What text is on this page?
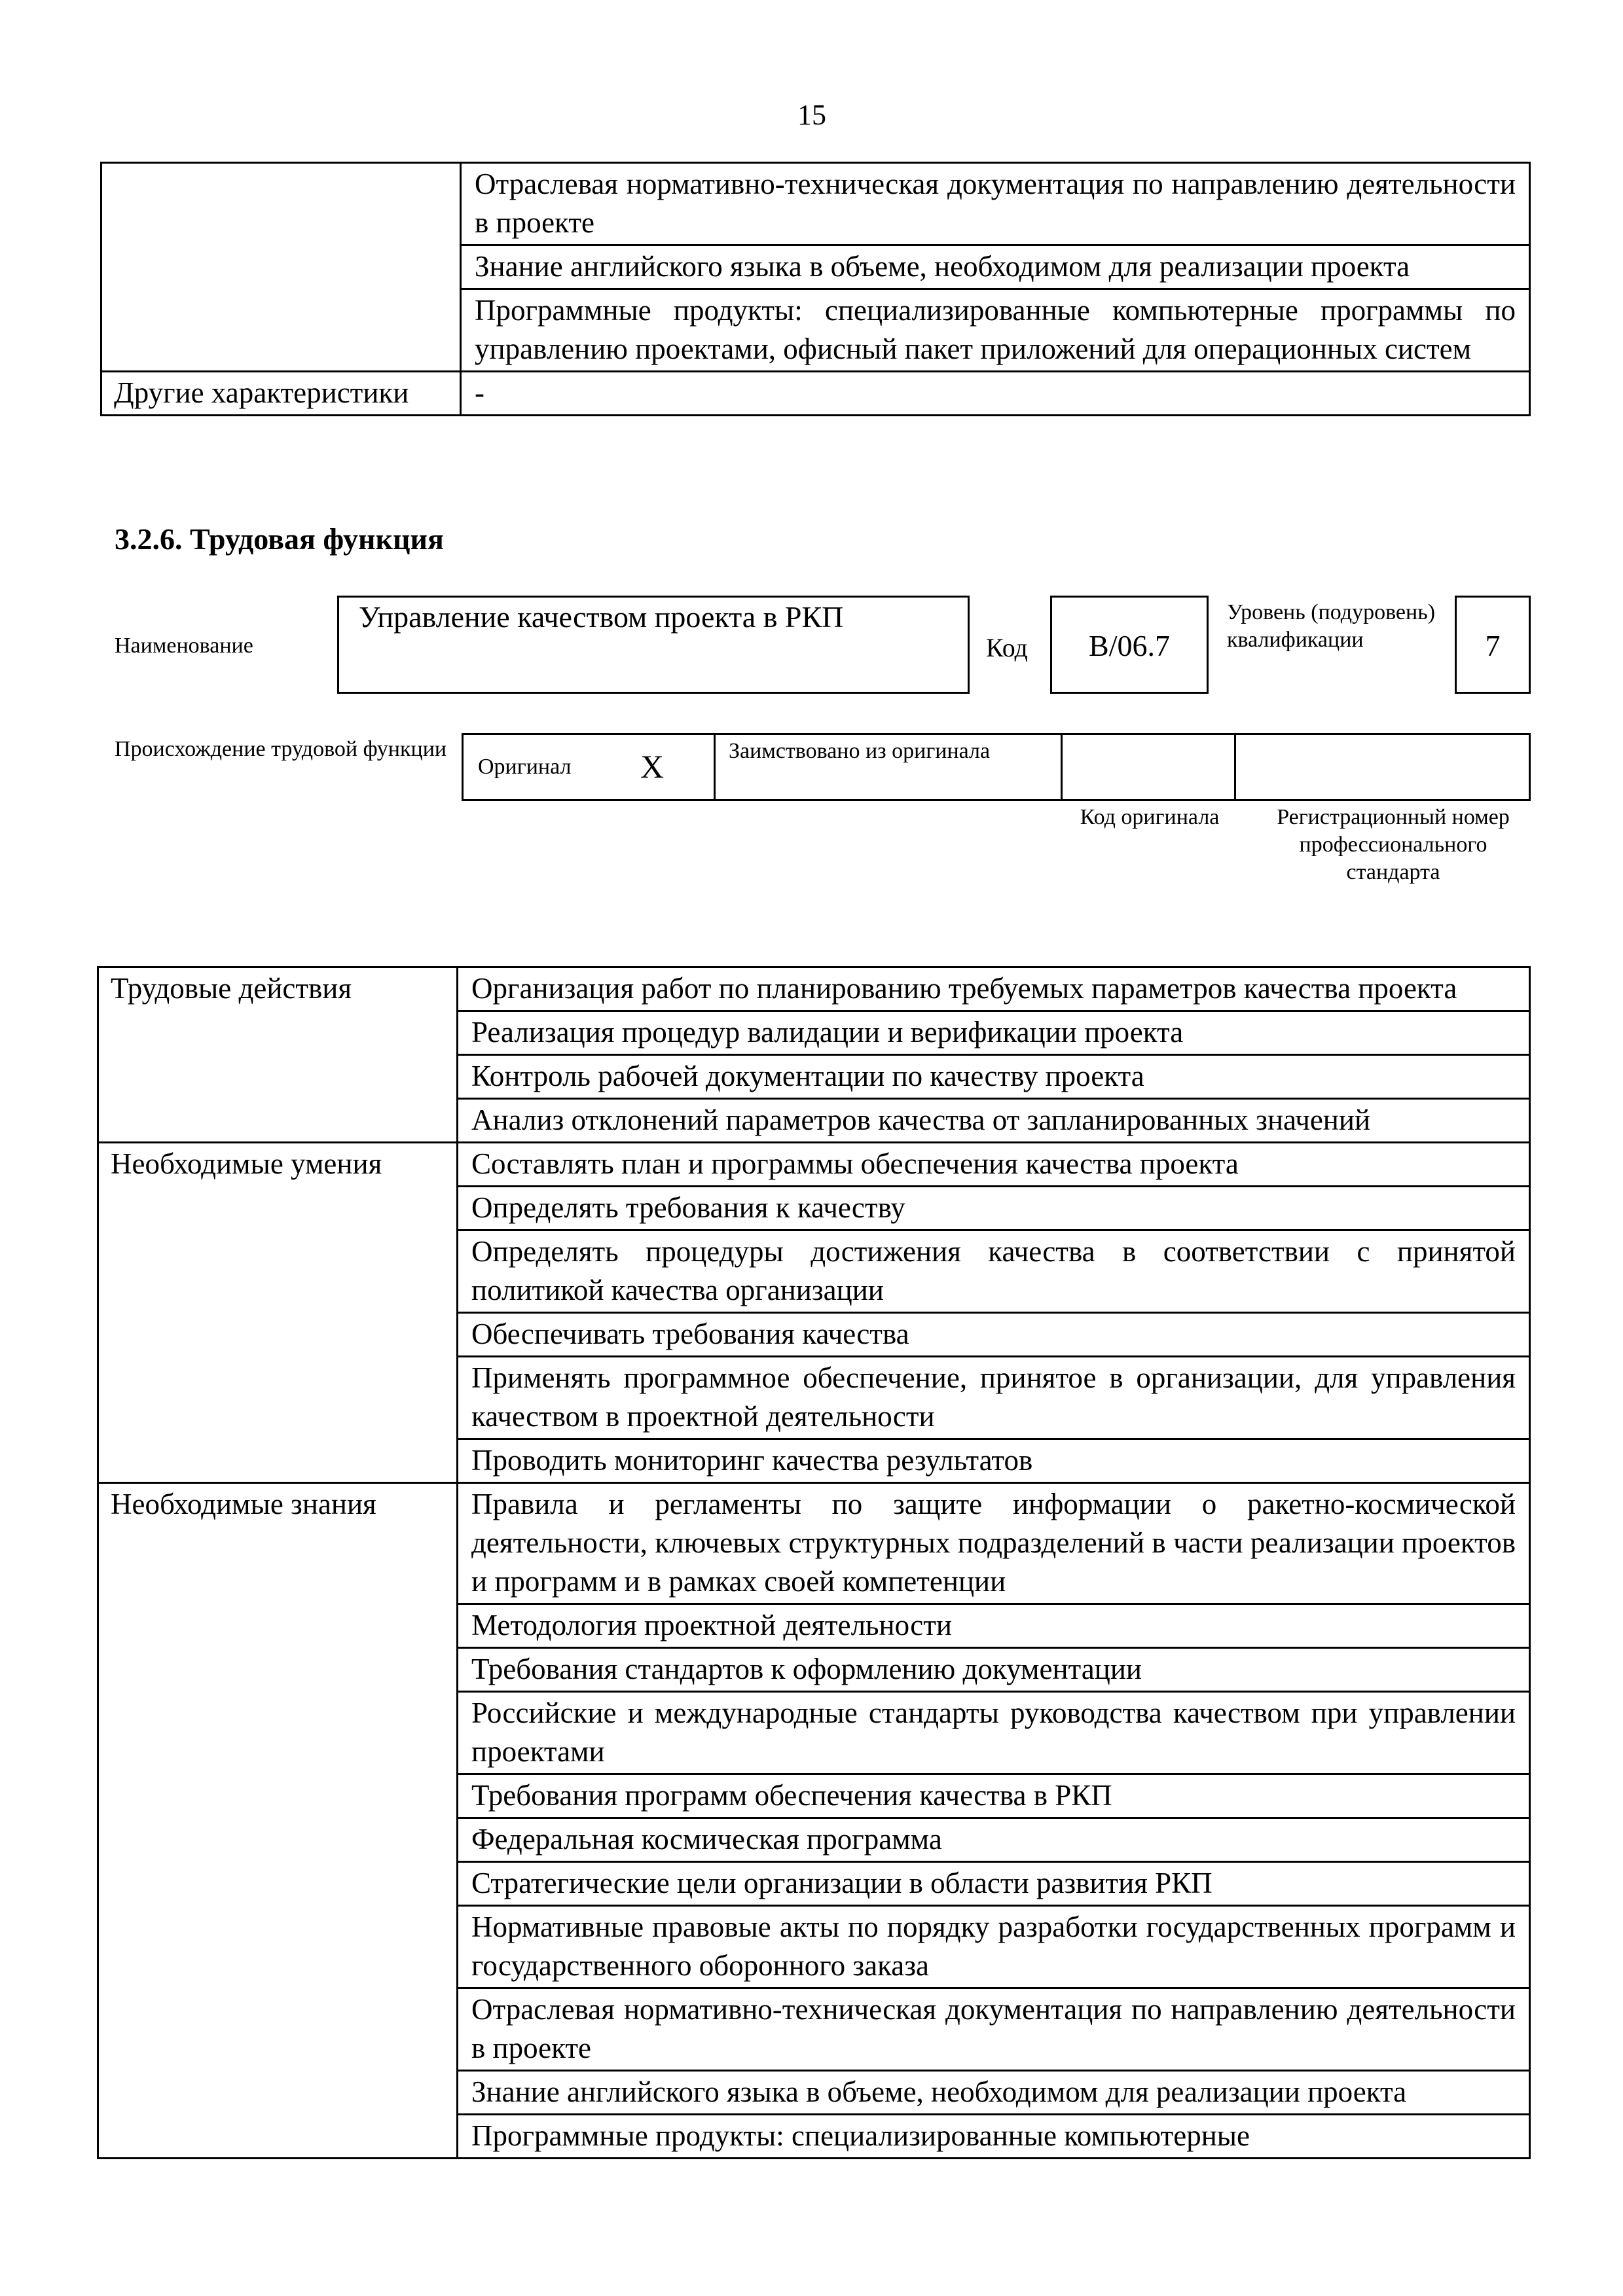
15
	Отраслевая нормативно-техническая документация по направлению деятельности в проекте
	Знание английского языка в объеме, необходимом для реализации проекта
	Программные продукты: специализированные компьютерные программы по управлению проектами, офисный пакет приложений для операционных систем
Другие характеристики	-
3.2.6. Трудовая функция
Наименование
Управление качеством проекта в РКП
Код	B/06.7
Уровень (подуровень) квалификации	7
Происхождение трудовой функции
Оригинал X	Заимствовано из оригинала
Код оригинала	Регистрационный номер профессионального стандарта
Трудовые действия	Организация работ по планированию требуемых параметров качества проекта
	Реализация процедур валидации и верификации проекта
	Контроль рабочей документации по качеству проекта
	Анализ отклонений параметров качества от запланированных значений
Необходимые умения	Составлять план и программы обеспечения качества проекта
	Определять требования к качеству
	Определять процедуры достижения качества в соответствии с принятой политикой качества организации
	Обеспечивать требования качества
	Применять программное обеспечение, принятое в организации, для управления качеством в проектной деятельности
	Проводить мониторинг качества результатов
Необходимые знания	Правила и регламенты по защите информации о ракетно-космической деятельности, ключевых структурных подразделений в части реализации проектов и программ и в рамках своей компетенции
	Методология проектной деятельности
	Требования стандартов к оформлению документации
	Российские и международные стандарты руководства качеством при управлении проектами
	Требования программ обеспечения качества в РКП
	Федеральная космическая программа
	Стратегические цели организации в области развития РКП
	Нормативные правовые акты по порядку разработки государственных программ и государственного оборонного заказа
	Отраслевая нормативно-техническая документация по направлению деятельности в проекте
	Знание английского языка в объеме, необходимом для реализации проекта
	Программные продукты: специализированные компьютерные
